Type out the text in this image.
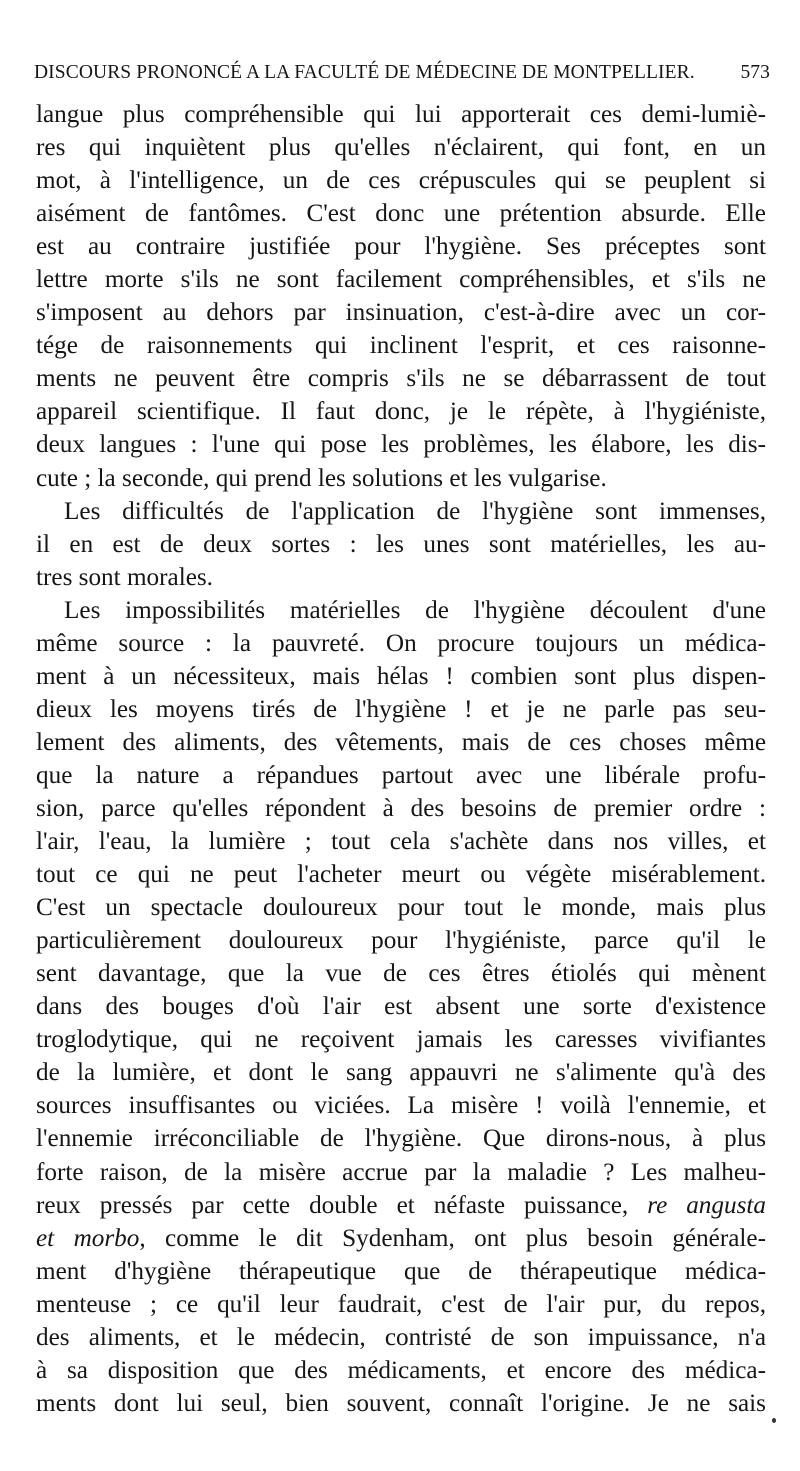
DISCOURS PRONONCÉ A LA FACULTÉ DE MÉDECINE DE MONTPELLIER. 573
langue plus compréhensible qui lui apporterait ces demi-lumiè-
res qui inquiètent plus qu'elles n'éclairent, qui font, en un
mot, à l'intelligence, un de ces crépuscules qui se peuplent si
aisément de fantômes. C'est donc une prétention absurde. Elle
est au contraire justifiée pour l'hygiène. Ses préceptes sont
lettre morte s'ils ne sont facilement compréhensibles, et s'ils ne
s'imposent au dehors par insinuation, c'est-à-dire avec un cor-
tége de raisonnements qui inclinent l'esprit, et ces raisonne-
ments ne peuvent être compris s'ils ne se débarrassent de tout
appareil scientifique. Il faut donc, je le répète, à l'hygiéniste,
deux langues : l'une qui pose les problèmes, les élabore, les dis-
cute ; la seconde, qui prend les solutions et les vulgarise.
Les difficultés de l'application de l'hygiène sont immenses,
il en est de deux sortes : les unes sont matérielles, les au-
tres sont morales.
Les impossibilités matérielles de l'hygiène découlent d'une
même source : la pauvreté. On procure toujours un médica-
ment à un nécessiteux, mais hélas ! combien sont plus dispen-
dieux les moyens tirés de l'hygiène ! et je ne parle pas seu-
lement des aliments, des vêtements, mais de ces choses même
que la nature a répandues partout avec une libérale profu-
sion, parce qu'elles répondent à des besoins de premier ordre :
l'air, l'eau, la lumière ; tout cela s'achète dans nos villes, et
tout ce qui ne peut l'acheter meurt ou végète misérablement.
C'est un spectacle douloureux pour tout le monde, mais plus
particulièrement douloureux pour l'hygiéniste, parce qu'il le
sent davantage, que la vue de ces êtres étiolés qui mènent
dans des bouges d'où l'air est absent une sorte d'existence
troglodytique, qui ne reçoivent jamais les caresses vivifiantes
de la lumière, et dont le sang appauvri ne s'alimente qu'à des
sources insuffisantes ou viciées. La misère ! voilà l'ennemie, et
l'ennemie irréconciliable de l'hygiène. Que dirons-nous, à plus
forte raison, de la misère accrue par la maladie ? Les malheu-
reux pressés par cette double et néfaste puissance, re angusta
et morbo, comme le dit Sydenham, ont plus besoin générale-
ment d'hygiène thérapeutique que de thérapeutique médica-
menteuse ; ce qu'il leur faudrait, c'est de l'air pur, du repos,
des aliments, et le médecin, contristé de son impuissance, n'a
à sa disposition que des médicaments, et encore des médica-
ments dont lui seul, bien souvent, connaît l'origine. Je ne sais
